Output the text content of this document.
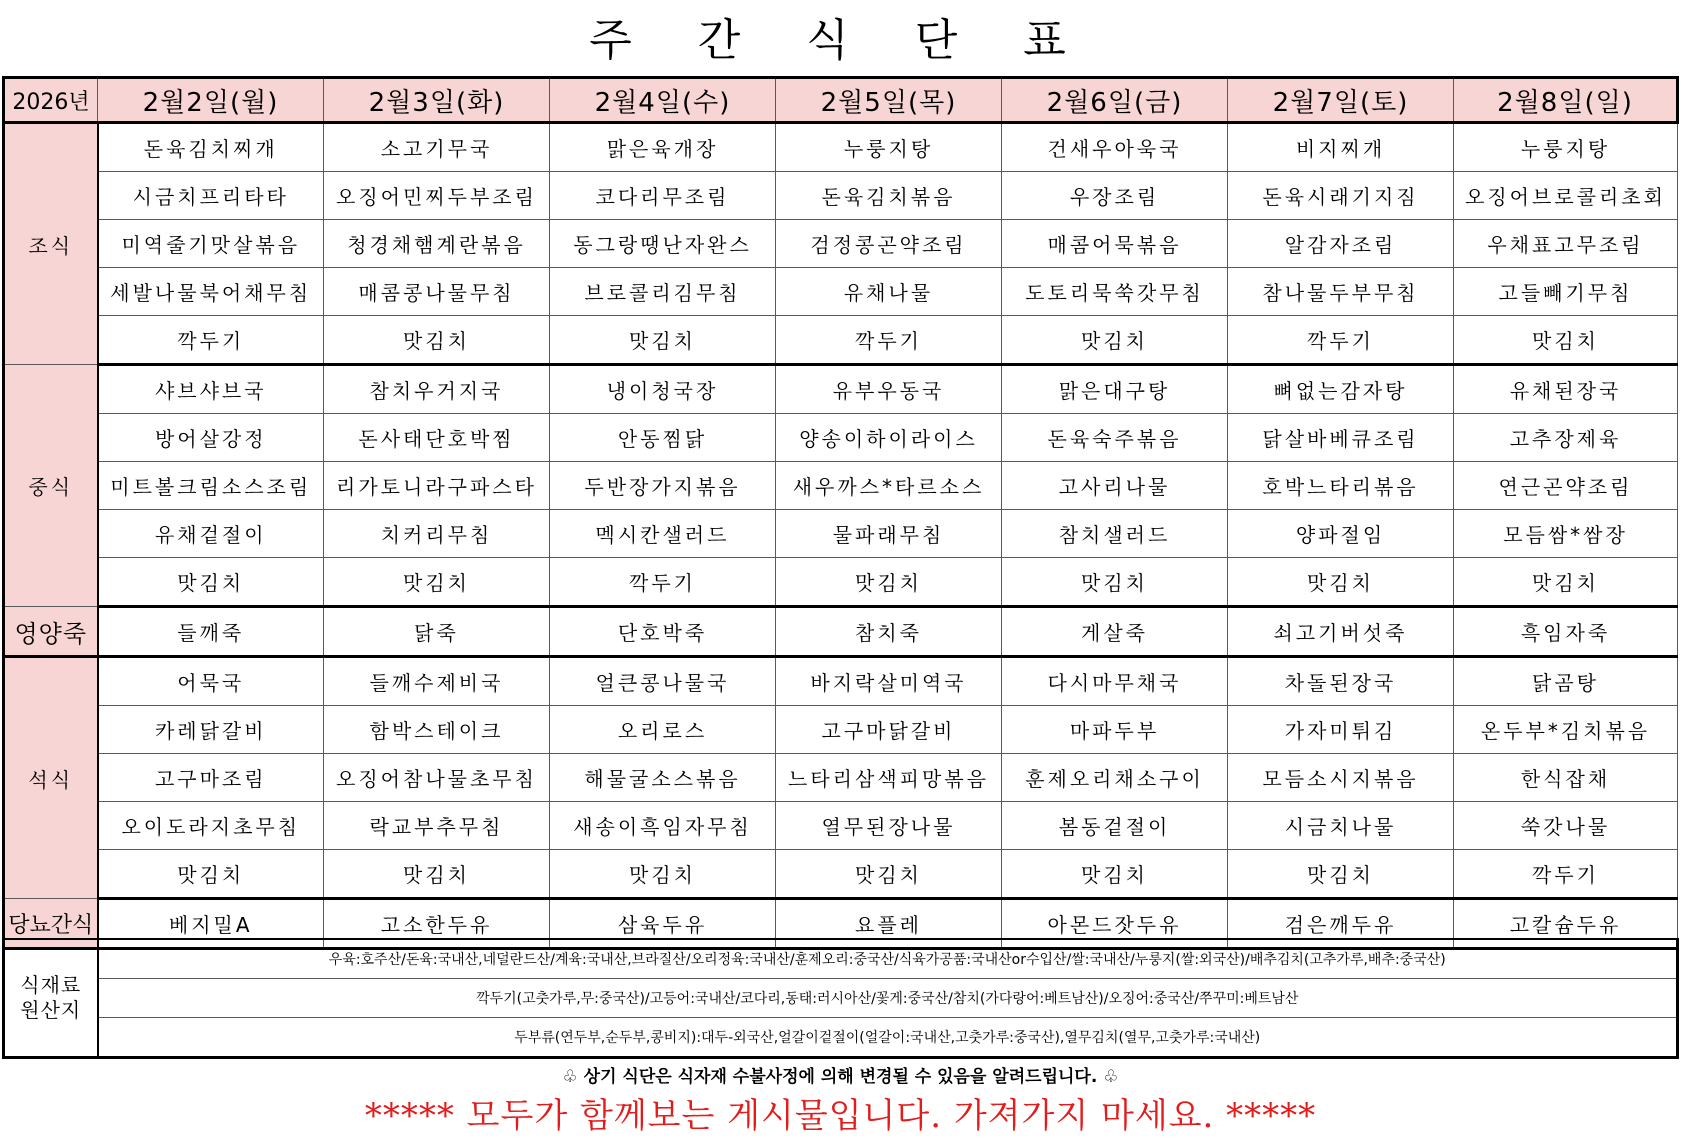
주 간 식 단 표
2026년	2월2일(월)	2월3일(화)	2월4일(수)	2월5일(목)	2월6일(금)	2월7일(토)	2월8일(일)
조식	돈육김치찌개	소고기무국	맑은육개장	누룽지탕	건새우아욱국	비지찌개	누룽지탕
	시금치프리타타	오징어민찌두부조림	코다리무조림	돈육김치볶음	우장조림	돈육시래기지짐	오징어브로콜리초회
	미역줄기맛살볶음	청경채햄계란볶음	동그랑땡난자완스	검정콩곤약조림	매콤어묵볶음	알감자조림	우채표고무조림
	세발나물북어채무침	매콤콩나물무침	브로콜리김무침	유채나물	도토리묵쑥갓무침	참나물두부무침	고들빼기무침
	깍두기	맛김치	맛김치	깍두기	맛김치	깍두기	맛김치
중식	샤브샤브국	참치우거지국	냉이청국장	유부우동국	맑은대구탕	뼈없는감자탕	유채된장국
	방어살강정	돈사태단호박찜	안동찜닭	양송이하이라이스	돈육숙주볶음	닭살바베큐조림	고추장제육
	미트볼크림소스조림	리가토니라구파스타	두반장가지볶음	새우까스*타르소스	고사리나물	호박느타리볶음	연근곤약조림
	유채겉절이	치커리무침	멕시칸샐러드	물파래무침	참치샐러드	양파절임	모듬쌈*쌈장
	맛김치	맛김치	깍두기	맛김치	맛김치	맛김치	맛김치
영양죽	들깨죽	닭죽	단호박죽	참치죽	게살죽	쇠고기버섯죽	흑임자죽
석식	어묵국	들깨수제비국	얼큰콩나물국	바지락살미역국	다시마무채국	차돌된장국	닭곰탕
	카레닭갈비	함박스테이크	오리로스	고구마닭갈비	마파두부	가자미튀김	온두부*김치볶음
	고구마조림	오징어참나물초무침	해물굴소스볶음	느타리삼색피망볶음	훈제오리채소구이	모듬소시지볶음	한식잡채
	오이도라지초무침	락교부추무침	새송이흑임자무침	열무된장나물	봄동겉절이	시금치나물	쑥갓나물
	맛김치	맛김치	맛김치	맛김치	맛김치	맛김치	깍두기
당뇨간식	베지밀A	고소한두유	삼육두유	요플레	아몬드잣두유	검은깨두유	고칼슘두유
식재료
원산지	우육:호주산/돈육:국내산,네덜란드산/계육:국내산,브라질산/오리정육:국내산/훈제오리:중국산/식육가공품:국내산or수입산/쌀:국내산/누룽지(쌀:외국산)/배추김치(고추가루,배추:중국산)
깍두기(고춧가루,무:중국산)/고등어:국내산/코다리,동태:러시아산/꽃게:중국산/참치(가다랑어:베트남산)/오징어:중국산/쭈꾸미:베트남산
두부류(연두부,순두부,콩비지):대두-외국산,얼갈이겉절이(얼갈이:국내산,고춧가루:중국산),열무김치(열무,고춧가루:국내산)
♧ 상기 식단은 식자재 수불사정에 의해 변경될 수 있음을 알려드립니다. ♧
***** 모두가 함께보는 게시물입니다. 가져가지 마세요. *****
